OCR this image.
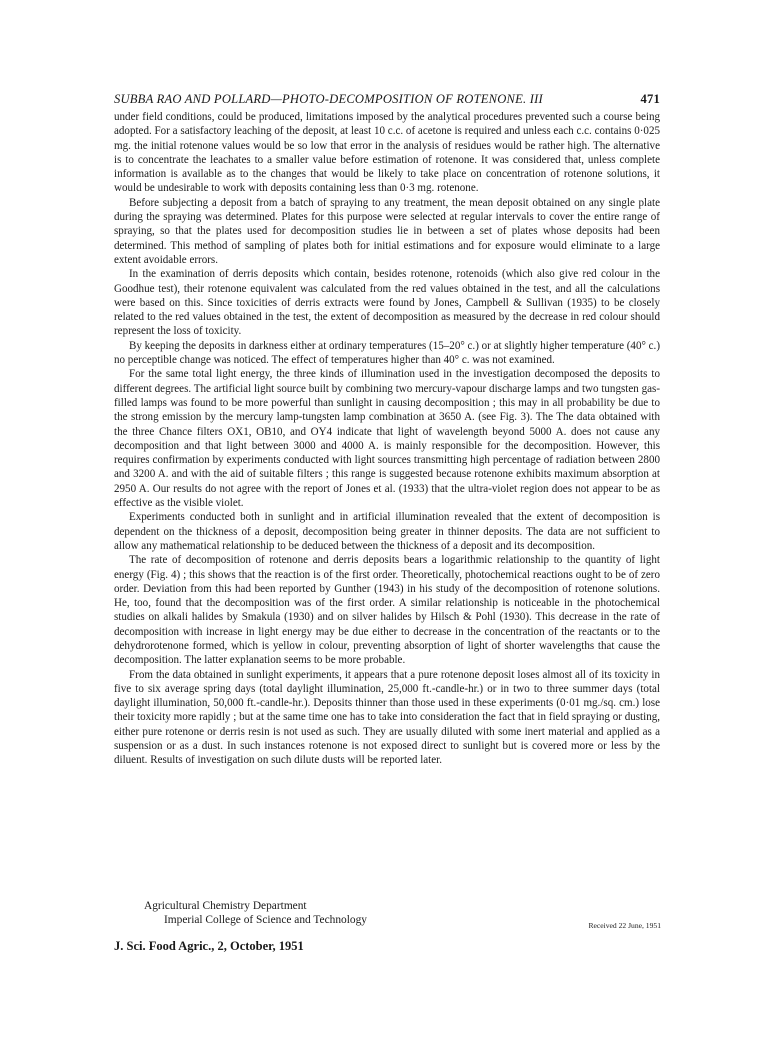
SUBBA RAO AND POLLARD—PHOTO-DECOMPOSITION OF ROTENONE. III	471

under field conditions, could be produced, limitations imposed by the analytical procedures prevented such a course being adopted. For a satisfactory leaching of the deposit, at least 10 c.c. of acetone is required and unless each c.c. contains 0·025 mg. the initial rotenone values would be so low that error in the analysis of residues would be rather high. The alternative is to concentrate the leachates to a smaller value before estimation of rotenone. It was considered that, unless complete information is available as to the changes that would be likely to take place on concentration of rotenone solutions, it would be undesirable to work with deposits containing less than 0·3 mg. rotenone.

Before subjecting a deposit from a batch of spraying to any treatment, the mean deposit obtained on any single plate during the spraying was determined. Plates for this purpose were selected at regular intervals to cover the entire range of spraying, so that the plates used for decomposition studies lie in between a set of plates whose deposits had been determined. This method of sampling of plates both for initial estimations and for exposure would eliminate to a large extent avoidable errors.

In the examination of derris deposits which contain, besides rotenone, rotenoids (which also give red colour in the Goodhue test), their rotenone equivalent was calculated from the red values obtained in the test, and all the calculations were based on this. Since toxicities of derris extracts were found by Jones, Campbell & Sullivan (1935) to be closely related to the red values obtained in the test, the extent of decomposition as measured by the decrease in red colour should represent the loss of toxicity.

By keeping the deposits in darkness either at ordinary temperatures (15–20° c.) or at slightly higher temperature (40° c.) no perceptible change was noticed. The effect of temperatures higher than 40° c. was not examined.

For the same total light energy, the three kinds of illumination used in the investigation decomposed the deposits to different degrees. The artificial light source built by combining two mercury-vapour discharge lamps and two tungsten gas-filled lamps was found to be more powerful than sunlight in causing decomposition ; this may in all probability be due to the strong emission by the mercury lamp-tungsten lamp combination at 3650 A. (see Fig. 3). The The data obtained with the three Chance filters OX1, OB10, and OY4 indicate that light of wavelength beyond 5000 A. does not cause any decomposition and that light between 3000 and 4000 A. is mainly responsible for the decomposition. However, this requires confirmation by experiments conducted with light sources transmitting high percentage of radiation between 2800 and 3200 A. and with the aid of suitable filters ; this range is suggested because rotenone exhibits maximum absorption at 2950 A. Our results do not agree with the report of Jones et al. (1933) that the ultra-violet region does not appear to be as effective as the visible violet.

Experiments conducted both in sunlight and in artificial illumination revealed that the extent of decomposition is dependent on the thickness of a deposit, decomposition being greater in thinner deposits. The data are not sufficient to allow any mathematical relationship to be deduced between the thickness of a deposit and its decomposition.

The rate of decomposition of rotenone and derris deposits bears a logarithmic relationship to the quantity of light energy (Fig. 4) ; this shows that the reaction is of the first order. Theoretically, photochemical reactions ought to be of zero order. Deviation from this had been reported by Gunther (1943) in his study of the decomposition of rotenone solutions. He, too, found that the decomposition was of the first order. A similar relationship is noticeable in the photochemical studies on alkali halides by Smakula (1930) and on silver halides by Hilsch & Pohl (1930). This decrease in the rate of decomposition with increase in light energy may be due either to decrease in the concentration of the reactants or to the dehydrorotenone formed, which is yellow in colour, preventing absorption of light of shorter wavelengths that cause the decomposition. The latter explanation seems to be more probable.

From the data obtained in sunlight experiments, it appears that a pure rotenone deposit loses almost all of its toxicity in five to six average spring days (total daylight illumination, 25,000 ft.-candle-hr.) or in two to three summer days (total daylight illumination, 50,000 ft.-candle-hr.). Deposits thinner than those used in these experiments (0·01 mg./sq. cm.) lose their toxicity more rapidly ; but at the same time one has to take into consideration the fact that in field spraying or dusting, either pure rotenone or derris resin is not used as such. They are usually diluted with some inert material and applied as a suspension or as a dust. In such instances rotenone is not exposed direct to sunlight but is covered more or less by the diluent. Results of investigation on such dilute dusts will be reported later.

Agricultural Chemistry Department
Imperial College of Science and Technology	Received 22 June, 1951
J. Sci. Food Agric., 2, October, 1951
